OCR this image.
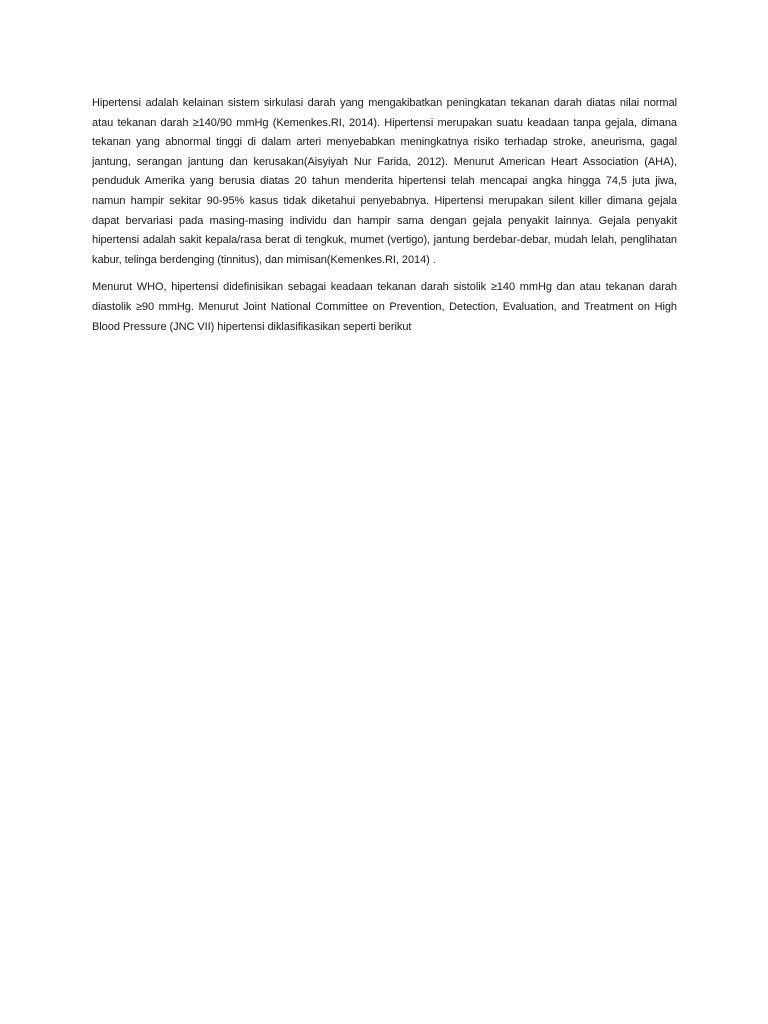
Hipertensi adalah kelainan sistem sirkulasi darah yang mengakibatkan peningkatan tekanan darah diatas nilai normal atau tekanan darah ≥140/90 mmHg (Kemenkes.RI, 2014). Hipertensi merupakan suatu keadaan tanpa gejala, dimana tekanan yang abnormal tinggi di dalam arteri menyebabkan meningkatnya risiko terhadap stroke, aneurisma, gagal jantung, serangan jantung dan kerusakan(Aisyiyah Nur Farida, 2012). Menurut American Heart Association (AHA), penduduk Amerika yang berusia diatas 20 tahun menderita hipertensi telah mencapai angka hingga 74,5 juta jiwa, namun hampir sekitar 90-95% kasus tidak diketahui penyebabnya. Hipertensi merupakan silent killer dimana gejala dapat bervariasi pada masing-masing individu dan hampir sama dengan gejala penyakit lainnya. Gejala penyakit hipertensi adalah sakit kepala/rasa berat di tengkuk, mumet (vertigo), jantung berdebar-debar, mudah lelah, penglihatan kabur, telinga berdenging (tinnitus), dan mimisan(Kemenkes.RI, 2014) .

Menurut WHO, hipertensi didefinisikan sebagai keadaan tekanan darah sistolik ≥140 mmHg dan atau tekanan darah diastolik ≥90 mmHg. Menurut Joint National Committee on Prevention, Detection, Evaluation, and Treatment on High Blood Pressure (JNC VII) hipertensi diklasifikasikan seperti berikut
